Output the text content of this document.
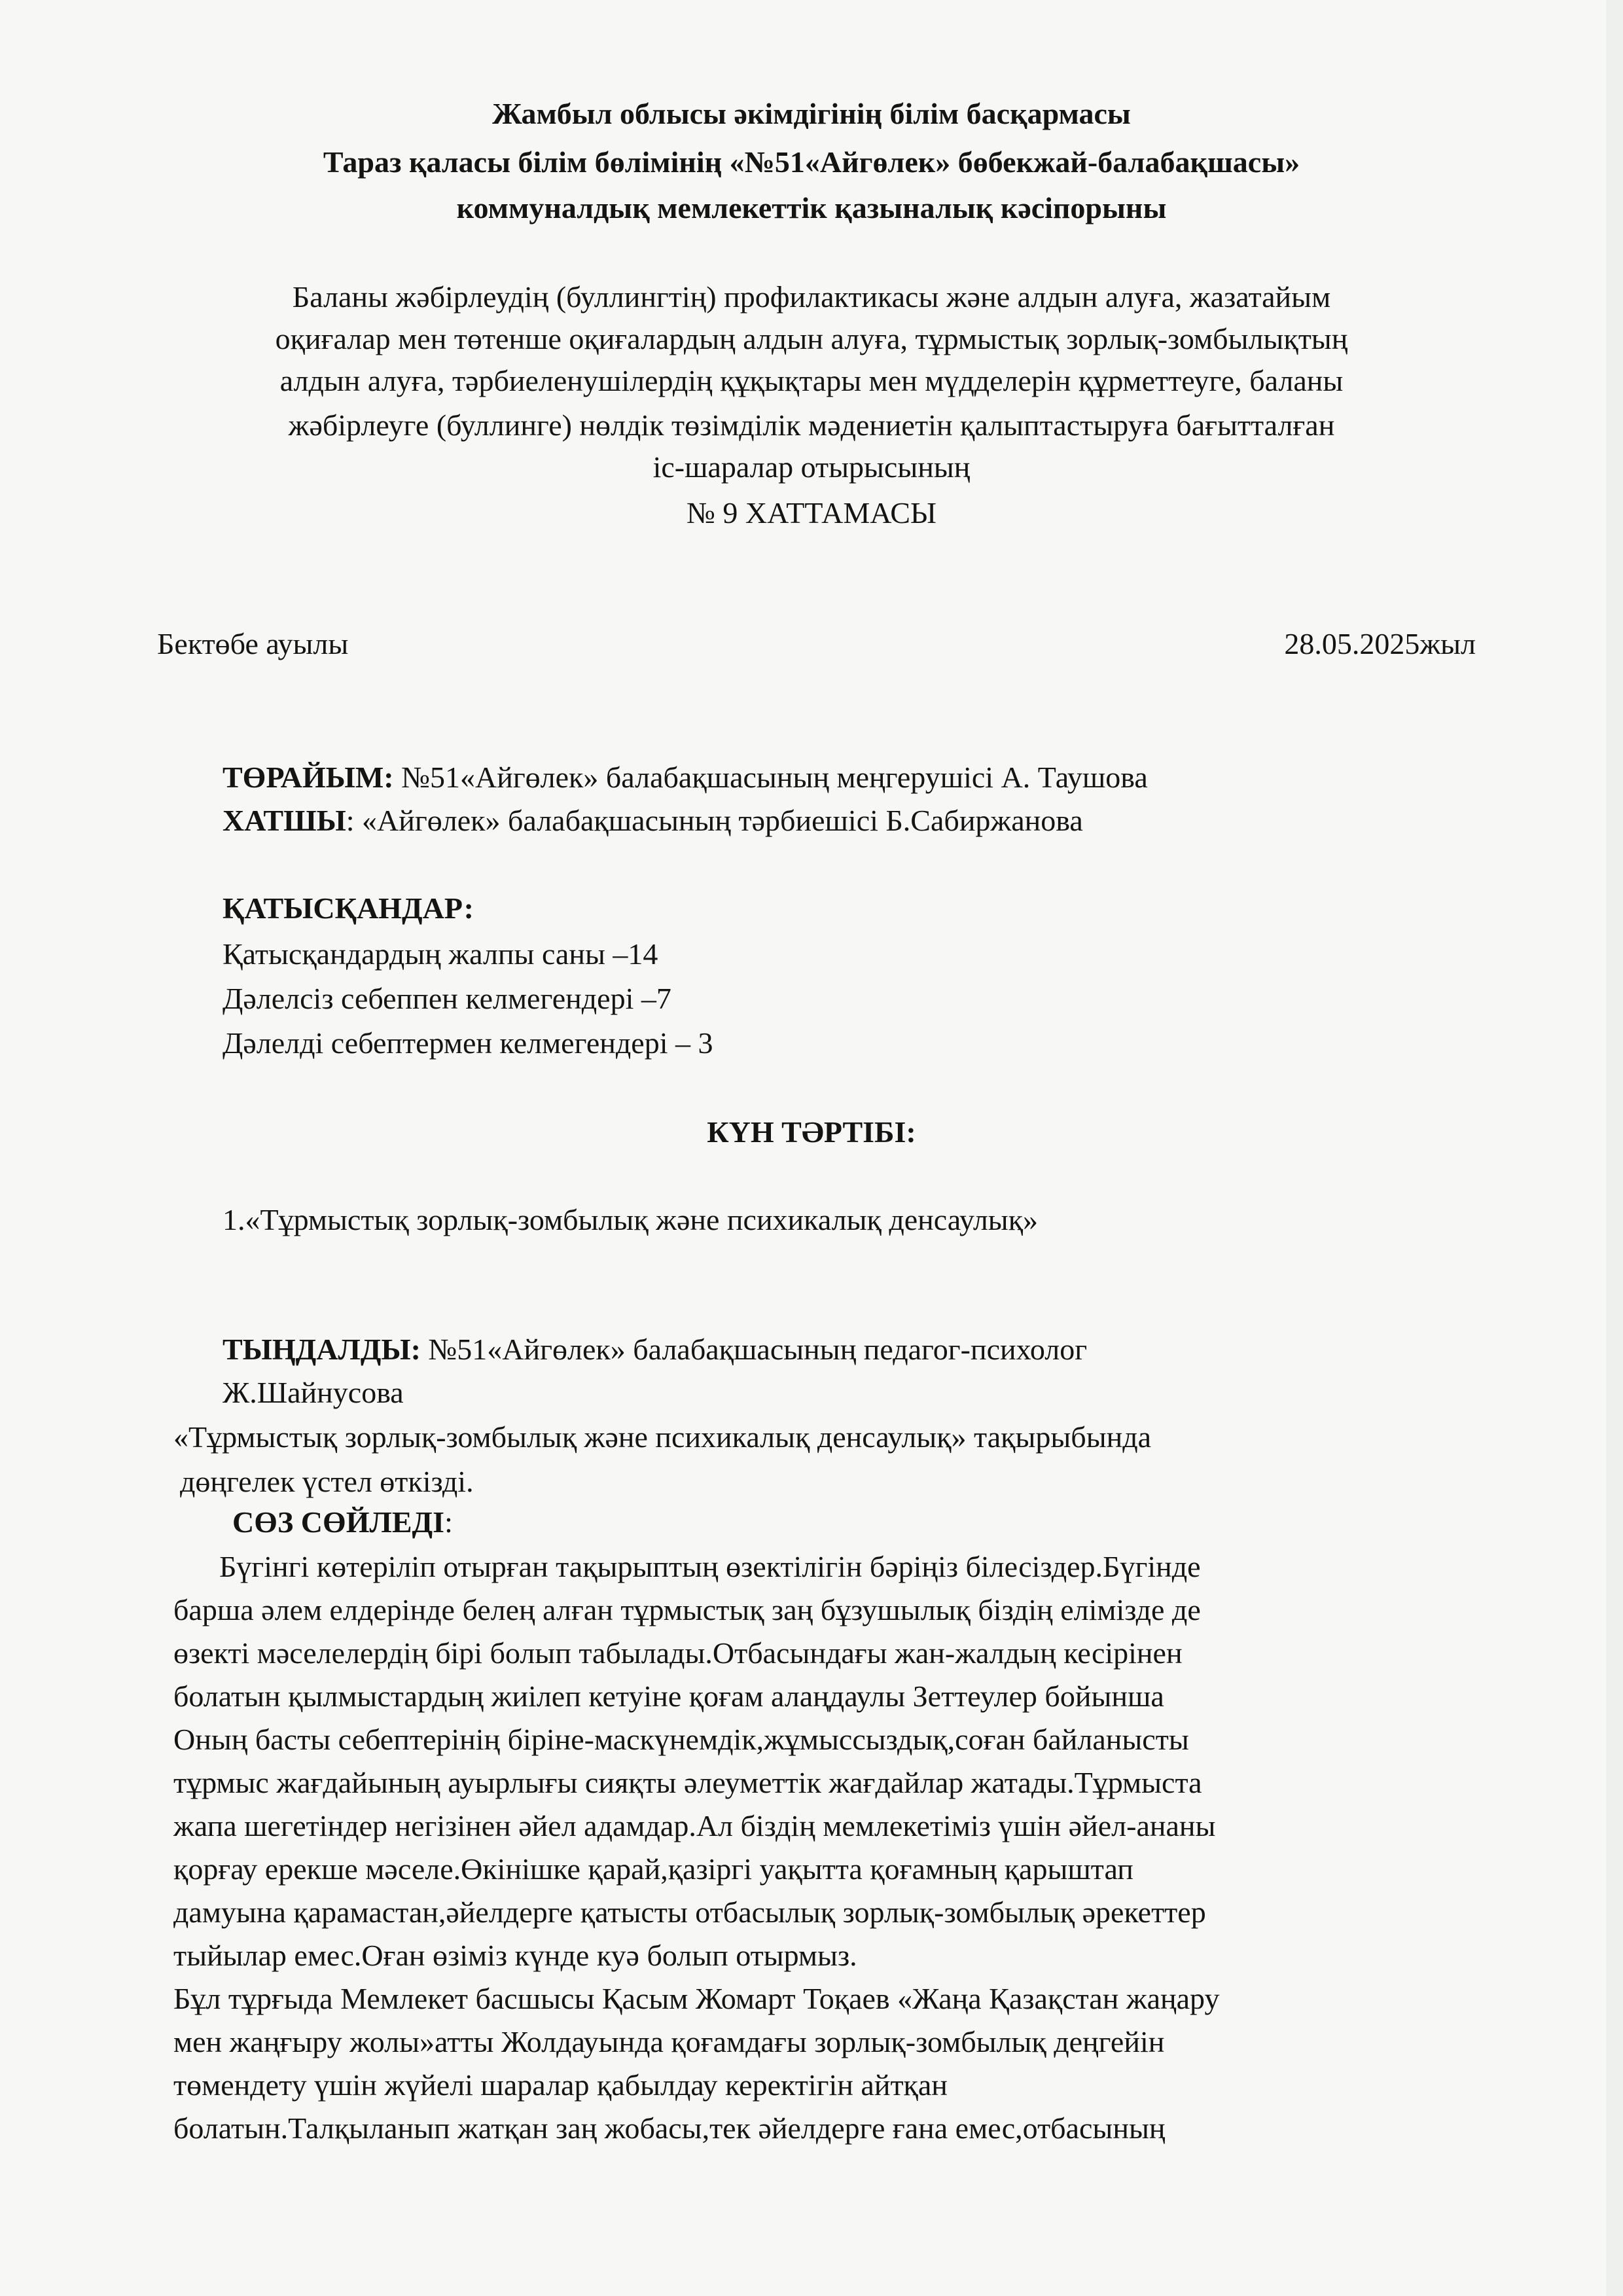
Жамбыл облысы әкімдігінің білім басқармасы
Тараз қаласы білім бөлімінің «№51«Айгөлек» бөбекжай-балабақшасы»
коммуналдық мемлекеттік қазыналық кәсіпорыны
Баланы жәбірлеудің (буллингтің) профилактикасы және алдын алуға, жазатайым
оқиғалар мен төтенше оқиғалардың алдын алуға, тұрмыстық зорлық-зомбылықтың
алдын алуға, тәрбиеленушілердің құқықтары мен мүдделерін құрметтеуге, баланы
жәбірлеуге (буллинге) нөлдік төзімділік мәдениетін қалыптастыруға бағытталған
іс-шаралар отырысының
№ 9 ХАТТАМАСЫ
Бектөбе ауылы	28.05.2025жыл
ТӨРАЙЫМ: №51«Айгөлек» балабақшасының меңгерушісі А. Таушова
ХАТШЫ: «Айгөлек» балабақшасының тәрбиешісі Б.Сабиржанова
ҚАТЫСҚАНДАР:
Қатысқандардың жалпы саны –14
Дәлелсіз себеппен келмегендері –7
Дәлелді себептермен келмегендері – 3
КҮН ТӘРТІБІ:
1.«Тұрмыстық зорлық-зомбылық және психикалық денсаулық»
ТЫҢДАЛДЫ: №51«Айгөлек» балабақшасының педагог-психолог
Ж.Шайнусова
«Тұрмыстық зорлық-зомбылық және психикалық денсаулық» тақырыбында
дөңгелек үстел өткізді.
СӨЗ СӨЙЛЕДІ:
Бүгінгі көтеріліп отырған тақырыптың өзектілігін бәріңіз білесіздер.Бүгінде
барша әлем елдерінде белең алған тұрмыстық заң бұзушылық біздің елімізде де
өзекті мәселелердің бірі болып табылады.Отбасындағы жан-жалдың кесірінен
болатын қылмыстардың жиілеп кетуіне қоғам алаңдаулы Зеттеулер бойынша
Оның басты себептерінің біріне-маскүнемдік,жұмыссыздық,соған байланысты
тұрмыс жағдайының ауырлығы сияқты әлеуметтік жағдайлар жатады.Тұрмыста
жапа шегетіндер негізінен әйел адамдар.Ал біздің мемлекетіміз үшін әйел-ананы
қорғау ерекше мәселе.Өкінішке қарай,қазіргі уақытта қоғамның қарыштап
дамуына қарамастан,әйелдерге қатысты отбасылық зорлық-зомбылық әрекеттер
тыйылар емес.Оған өзіміз күнде куә болып отырмыз.
Бұл тұрғыда Мемлекет басшысы Қасым Жомарт Тоқаев «Жаңа Қазақстан жаңару
мен жаңғыру жолы»атты Жолдауында қоғамдағы зорлық-зомбылық деңгейін
төмендету үшін жүйелі шаралар қабылдау керектігін айтқан
болатын.Талқыланып жатқан заң жобасы,тек әйелдерге ғана емес,отбасының
